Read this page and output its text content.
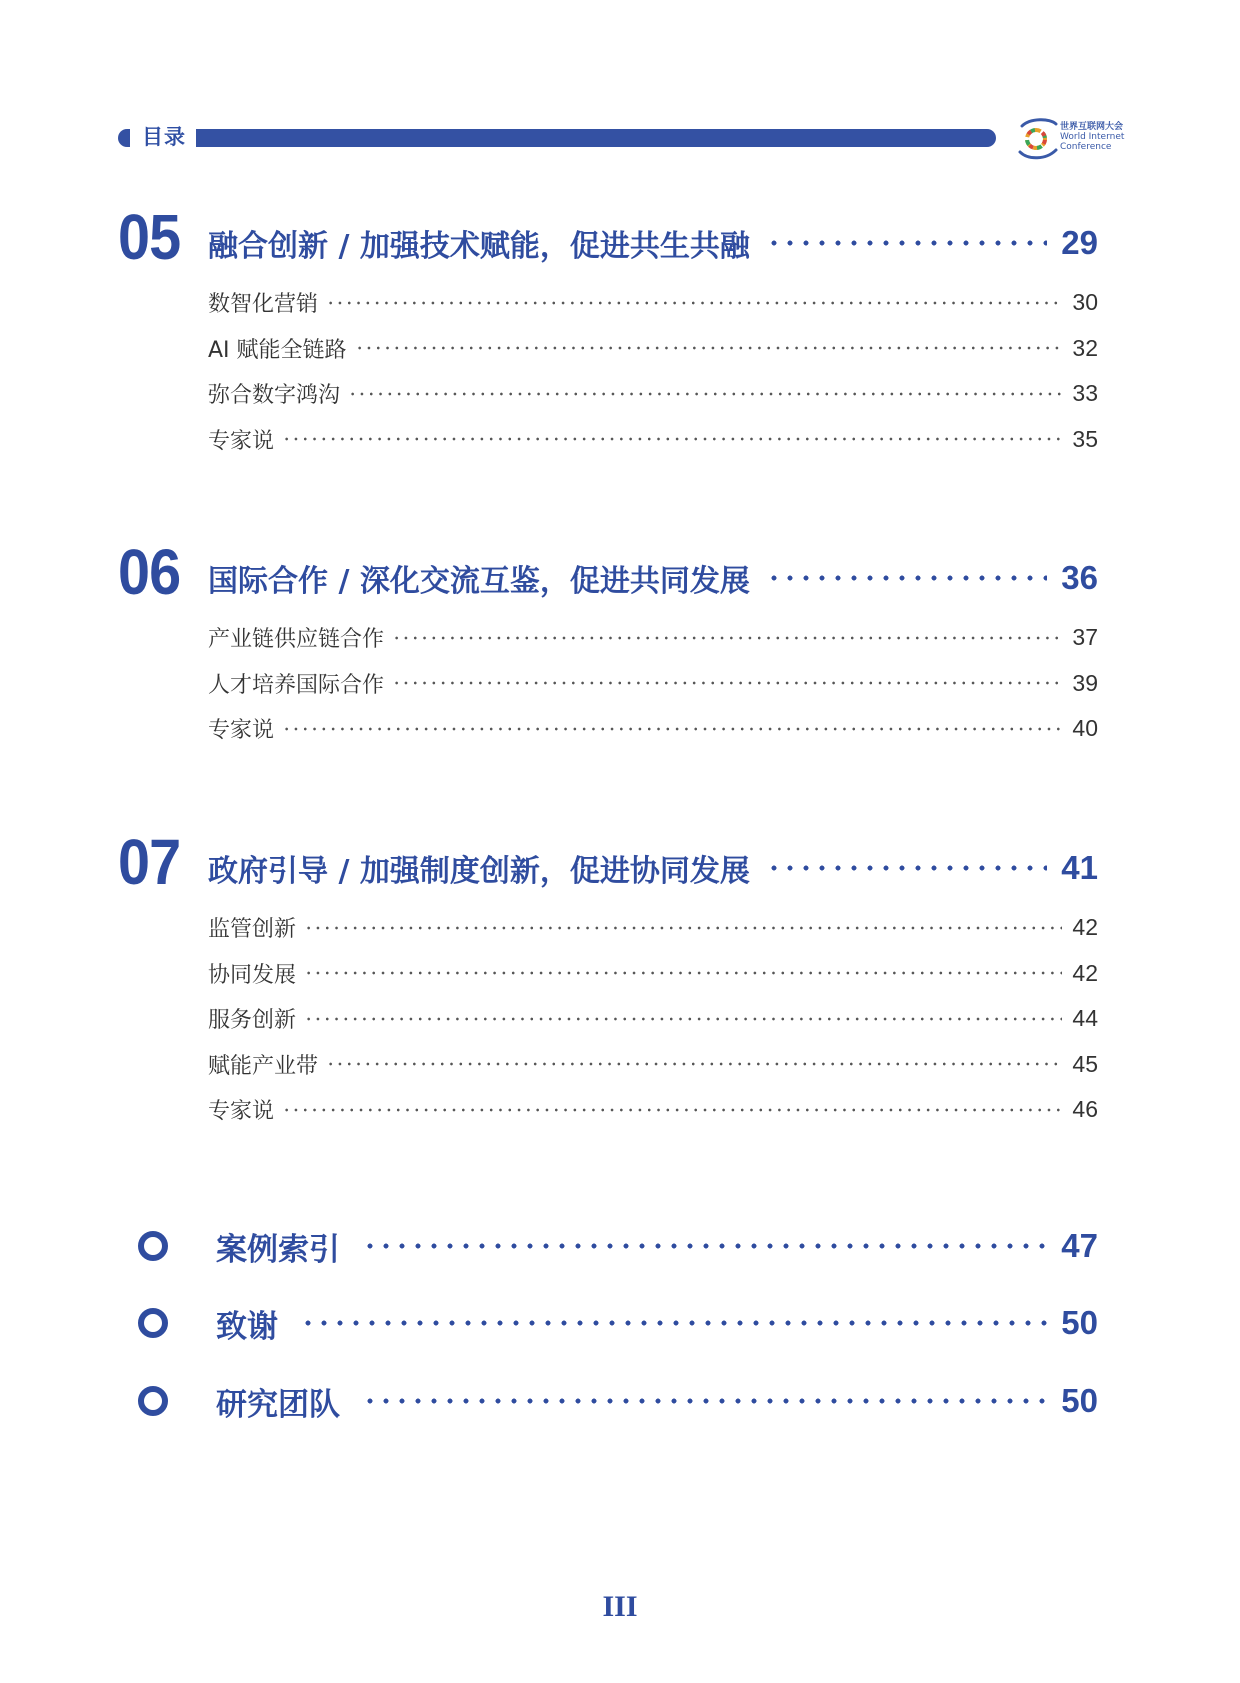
目录	世界互联网大会
World Internet
Conference
05 融合创新 / 加强技术赋能，促进共生共融	29
数智化营销	30
AI 赋能全链路	32
弥合数字鸿沟	33
专家说	35
06 国际合作 / 深化交流互鉴，促进共同发展	36
产业链供应链合作	37
人才培养国际合作	39
专家说	40
07 政府引导 / 加强制度创新，促进协同发展	41
监管创新	42
协同发展	42
服务创新	44
赋能产业带	45
专家说	46
案例索引	47
致谢	50
研究团队	50
III
